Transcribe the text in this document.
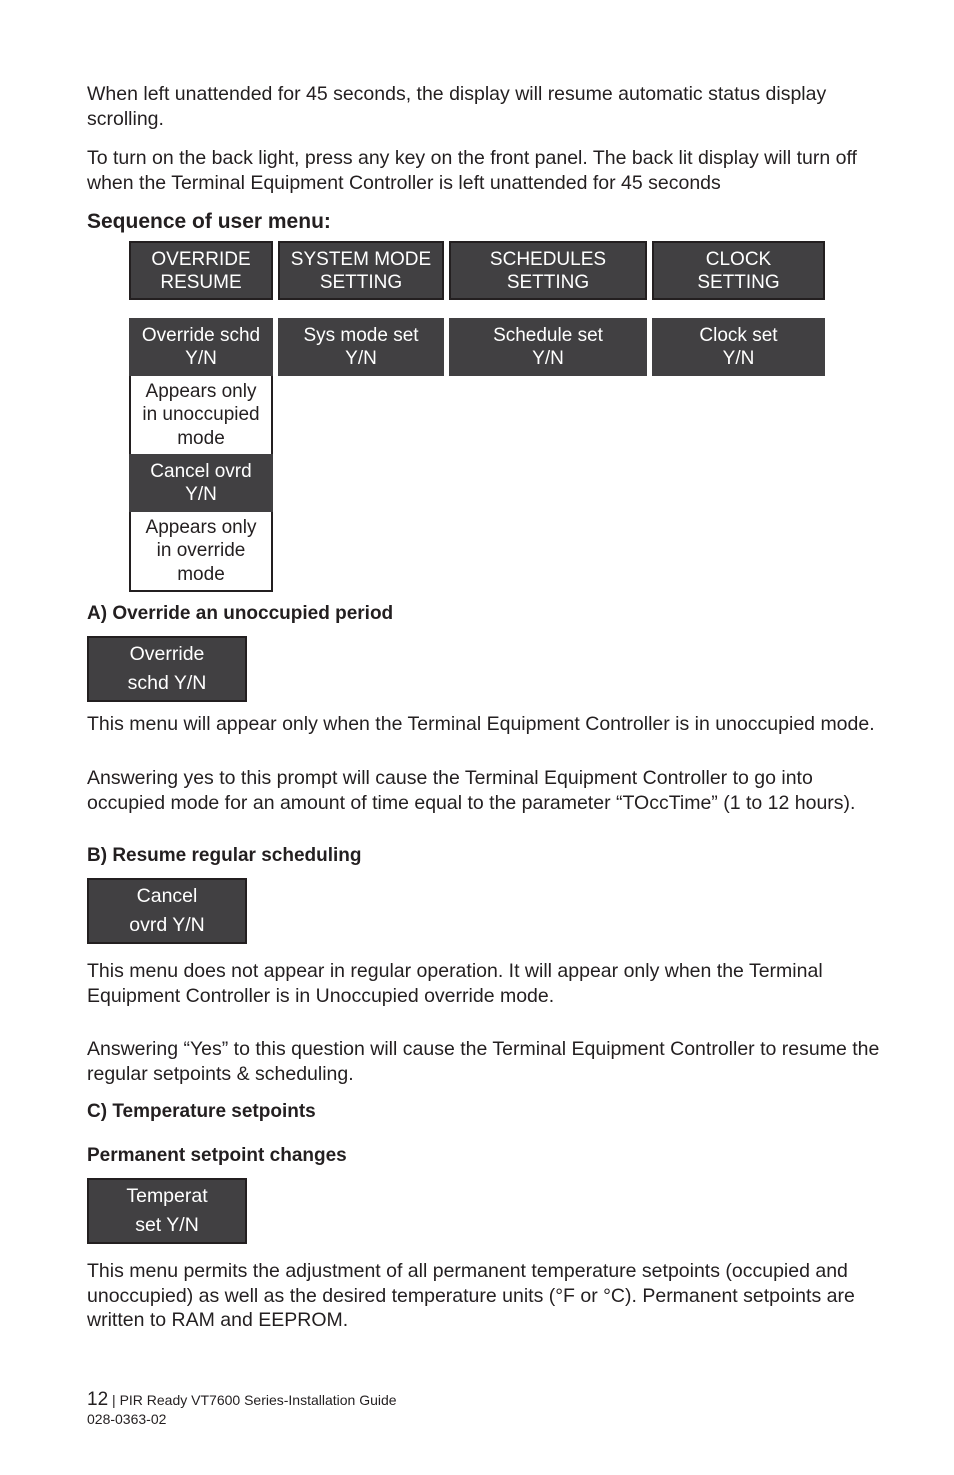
When left unattended for 45 seconds, the display will resume automatic status display scrolling.

To turn on the back light, press any key on the front panel. The back lit display will turn off when the Terminal Equipment Controller is left unattended for 45 seconds

Sequence of user menu:
OVERRIDE
RESUME
SYSTEM MODE
SETTING
SCHEDULES
SETTING
CLOCK
SETTING
Override schd
Y/N
Sys mode set
Y/N
Schedule set
Y/N
Clock set
Y/N
Appears only
in unoccupied
mode
Cancel ovrd
Y/N
Appears only
in override
mode
A) Override an unoccupied period
Override
schd Y/N

This menu will appear only when the Terminal Equipment Controller is in unoccupied mode.

Answering yes to this prompt will cause the Terminal Equipment Controller to go into occupied mode for an amount of time equal to the parameter “TOccTime” (1 to 12 hours).

B) Resume regular scheduling
Cancel
ovrd Y/N

This menu does not appear in regular operation. It will appear only when the Terminal Equipment Controller is in Unoccupied override mode.

Answering “Yes” to this question will cause the Terminal Equipment Controller to resume the regular setpoints & scheduling.

C) Temperature setpoints
Permanent setpoint changes
Temperat
set Y/N

This menu permits the adjustment of all permanent temperature setpoints (occupied and unoccupied) as well as the desired temperature units (°F or °C). Permanent setpoints are written to RAM and EEPROM.

12 | PIR Ready VT7600 Series-Installation Guide
028-0363-02
